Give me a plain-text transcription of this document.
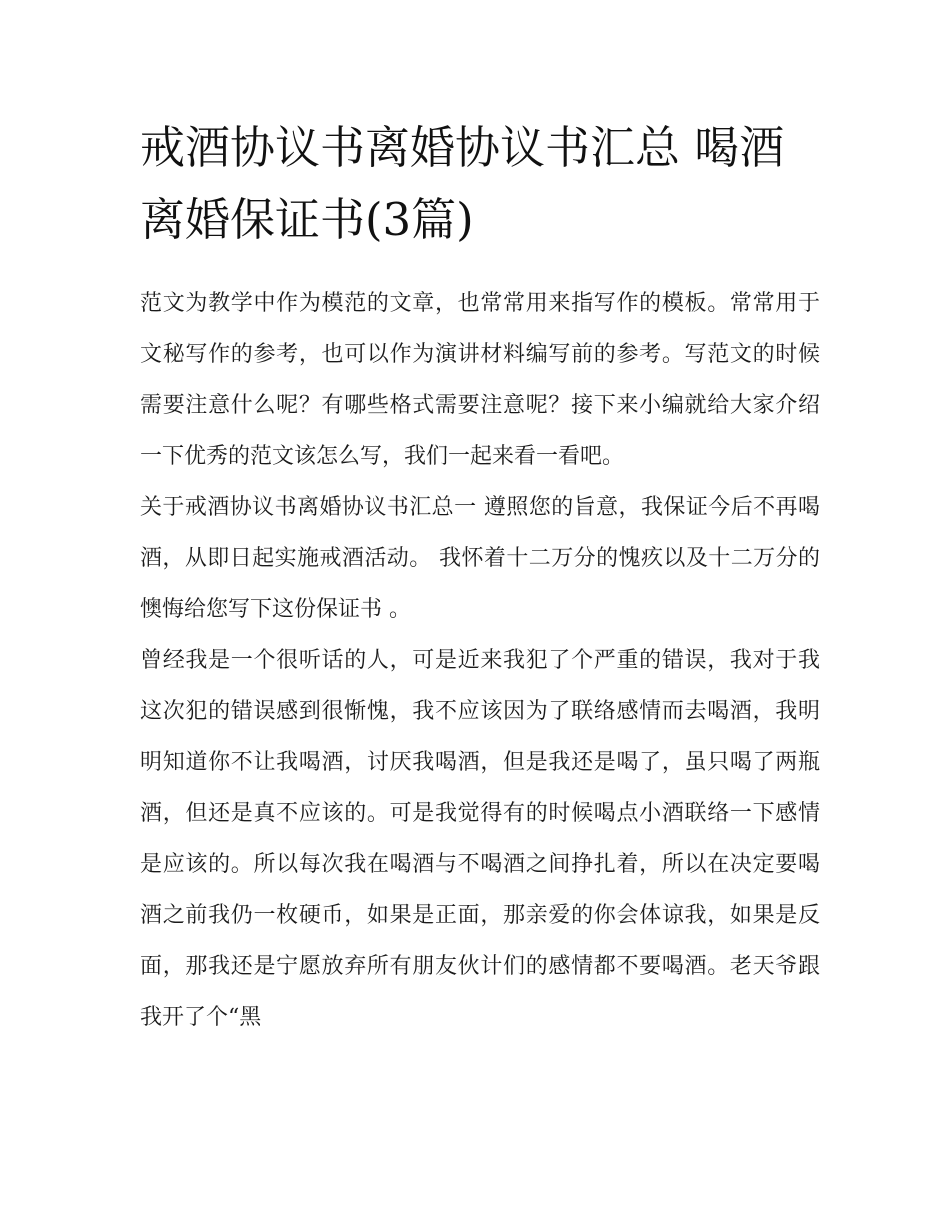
戒酒协议书离婚协议书汇总 喝酒离婚保证书(3篇)

范文为教学中作为模范的文章，也常常用来指写作的模板。常常用于文秘写作的参考，也可以作为演讲材料编写前的参考。写范文的时候需要注意什么呢？有哪些格式需要注意呢？接下来小编就给大家介绍一下优秀的范文该怎么写，我们一起来看一看吧。

关于戒酒协议书离婚协议书汇总一 遵照您的旨意，我保证今后不再喝酒，从即日起实施戒酒活动。 我怀着十二万分的愧疚以及十二万分的懊悔给您写下这份保证书 。

曾经我是一个很听话的人，可是近来我犯了个严重的错误，我对于我这次犯的错误感到很惭愧，我不应该因为了联络感情而去喝酒，我明明知道你不让我喝酒，讨厌我喝酒，但是我还是喝了，虽只喝了两瓶酒，但还是真不应该的。可是我觉得有的时候喝点小酒联络一下感情是应该的。所以每次我在喝酒与不喝酒之间挣扎着，所以在决定要喝酒之前我仍一枚硬币，如果是正面，那亲爱的你会体谅我，如果是反面，那我还是宁愿放弃所有朋友伙计们的感情都不要喝酒。老天爷跟我开了个“黑
